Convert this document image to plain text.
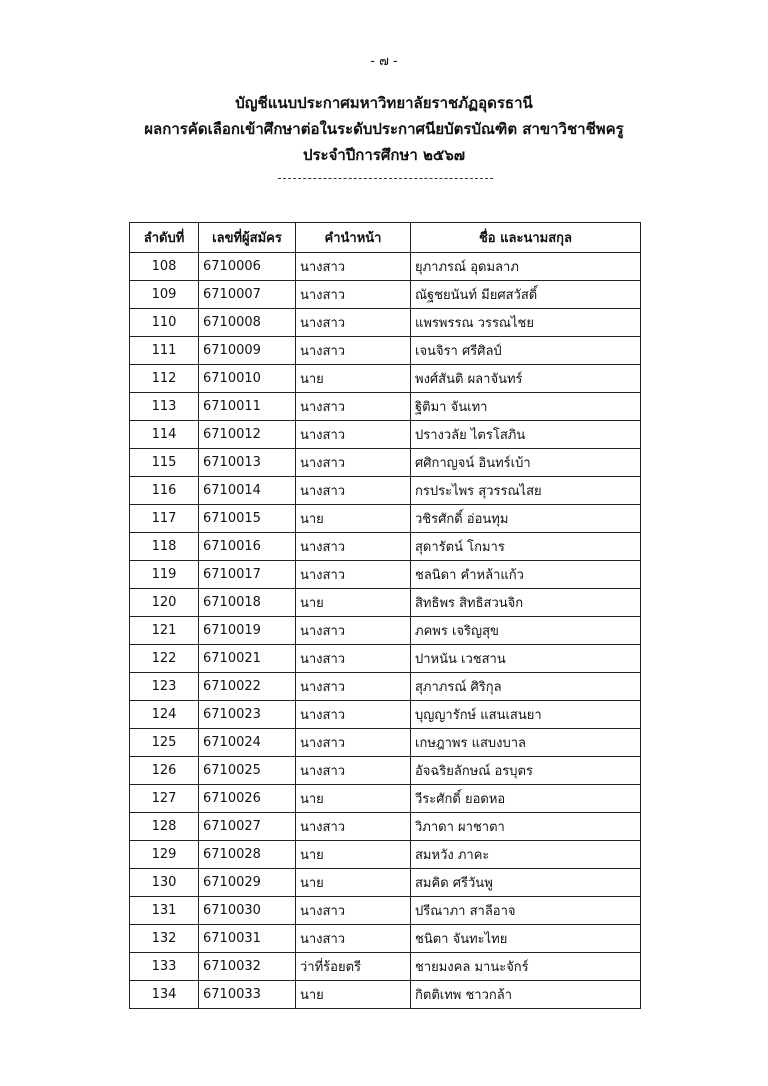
- ๗ -
บัญชีแนบประกาศมหาวิทยาลัยราชภัฏอุดรธานี
ผลการคัดเลือกเข้าศึกษาต่อในระดับประกาศนียบัตรบัณฑิต สาขาวิชาชีพครู
ประจำปีการศึกษา ๒๕๖๗
ลำดับที่	เลขที่ผู้สมัคร	คำนำหน้า	ชื่อ และนามสกุล
108	6710006	นางสาว	ยุภาภรณ์ อุดมลาภ
109	6710007	นางสาว	ณัฐชยนันท์ มียศสวัสดิ์
110	6710008	นางสาว	แพรพรรณ วรรณไชย
111	6710009	นางสาว	เจนจิรา ศรีศิลป์
112	6710010	นาย	พงศ์สันติ ผลาจันทร์
113	6710011	นางสาว	ฐิติมา จันเทา
114	6710012	นางสาว	ปรางวลัย ไตรโสภิน
115	6710013	นางสาว	ศศิกาญจน์ อินทร์เบ้า
116	6710014	นางสาว	กรประไพร สุวรรณไสย
117	6710015	นาย	วชิรศักดิ์ อ่อนทุม
118	6710016	นางสาว	สุดารัตน์ โกมาร
119	6710017	นางสาว	ชลนิดา คำหล้าแก้ว
120	6710018	นาย	สิทธิพร สิทธิสวนจิก
121	6710019	นางสาว	ภคพร เจริญสุข
122	6710021	นางสาว	ปาหนัน เวชสาน
123	6710022	นางสาว	สุภาภรณ์ ศิริกุล
124	6710023	นางสาว	บุญญารักษ์ แสนเสนยา
125	6710024	นางสาว	เกษฎาพร แสบงบาล
126	6710025	นางสาว	อัจฉริยลักษณ์ อรบุตร
127	6710026	นาย	วีระศักดิ์ ยอดหอ
128	6710027	นางสาว	วิภาดา ผาชาตา
129	6710028	นาย	สมหวัง ภาคะ
130	6710029	นาย	สมคิด ศรีวันพู
131	6710030	นางสาว	ปรีณาภา สาลีอาจ
132	6710031	นางสาว	ชนิตา จันทะไทย
133	6710032	ว่าที่ร้อยตรี	ชายมงคล มานะจักร์
134	6710033	นาย	กิตติเทพ ชาวกล้า
